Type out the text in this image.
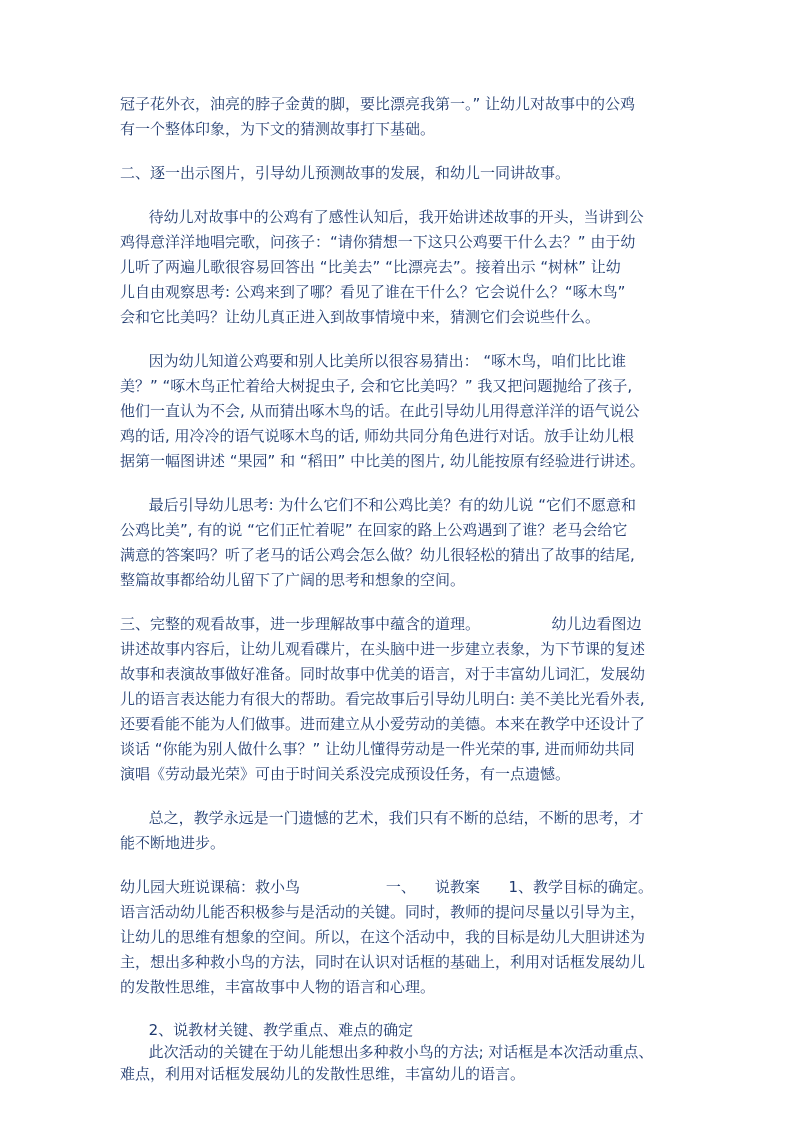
冠子花外衣，油亮的脖子金黄的脚，要比漂亮我第一。” 让幼儿对故事中的公鸡
有一个整体印象，为下文的猜测故事打下基础。
二、逐一出示图片，引导幼儿预测故事的发展，和幼儿一同讲故事。
待幼儿对故事中的公鸡有了感性认知后，我开始讲述故事的开头，当讲到公
鸡得意洋洋地唱完歌，问孩子：“请你猜想一下这只公鸡要干什么去？” 由于幼
儿听了两遍儿歌很容易回答出 “比美去” “比漂亮去”。接着出示 “树林” 让幼
儿自由观察思考: 公鸡来到了哪？看见了谁在干什么？它会说什么？“啄木鸟”
会和它比美吗？让幼儿真正进入到故事情境中来，猜测它们会说些什么。
因为幼儿知道公鸡要和别人比美所以很容易猜出： “啄木鸟，咱们比比谁
美？” “啄木鸟正忙着给大树捉虫子, 会和它比美吗？” 我又把问题抛给了孩子,
他们一直认为不会, 从而猜出啄木鸟的话。在此引导幼儿用得意洋洋的语气说公
鸡的话, 用冷冷的语气说啄木鸟的话, 师幼共同分角色进行对话。放手让幼儿根
据第一幅图讲述 “果园” 和 “稻田” 中比美的图片, 幼儿能按原有经验进行讲述。
最后引导幼儿思考: 为什么它们不和公鸡比美？有的幼儿说 “它们不愿意和
公鸡比美”, 有的说 “它们正忙着呢” 在回家的路上公鸡遇到了谁？老马会给它
满意的答案吗？听了老马的话公鸡会怎么做？幼儿很轻松的猜出了故事的结尾,
整篇故事都给幼儿留下了广阔的思考和想象的空间。
三、完整的观看故事，进一步理解故事中蕴含的道理。               幼儿边看图边
讲述故事内容后，让幼儿观看碟片，在头脑中进一步建立表象，为下节课的复述
故事和表演故事做好准备。同时故事中优美的语言，对于丰富幼儿词汇，发展幼
儿的语言表达能力有很大的帮助。看完故事后引导幼儿明白: 美不美比光看外表,
还要看能不能为人们做事。进而建立从小爱劳动的美德。本来在教学中还设计了
谈话 “你能为别人做什么事？” 让幼儿懂得劳动是一件光荣的事, 进而师幼共同
演唱《劳动最光荣》可由于时间关系没完成预设任务，有一点遗憾。
总之，教学永远是一门遗憾的艺术，我们只有不断的总结，不断的思考，才
能不断地进步。
幼儿园大班说课稿：救小鸟                  一、    说教案      1、教学目标的确定。
语言活动幼儿能否积极参与是活动的关键。同时，教师的提问尽量以引导为主，
让幼儿的思维有想象的空间。所以，在这个活动中，我的目标是幼儿大胆讲述为
主，想出多种救小鸟的方法，同时在认识对话框的基础上，利用对话框发展幼儿
的发散性思维，丰富故事中人物的语言和心理。
2、说教材关键、教学重点、难点的确定
此次活动的关键在于幼儿能想出多种救小鸟的方法; 对话框是本次活动重点、
难点，利用对话框发展幼儿的发散性思维，丰富幼儿的语言。
